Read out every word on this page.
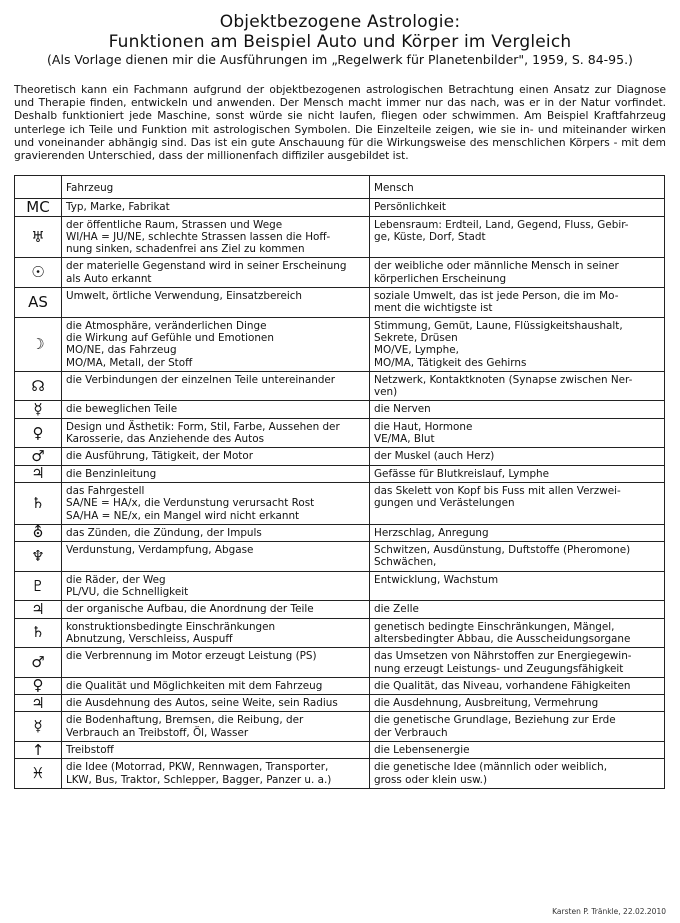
Objektbezogene Astrologie:
Funktionen am Beispiel Auto und Körper im Vergleich
(Als Vorlage dienen mir die Ausführungen im „Regelwerk für Planetenbilder", 1959, S. 84-95.)
Theoretisch kann ein Fachmann aufgrund der objektbezogenen astrologischen Betrachtung einen Ansatz zur Diagnose und Therapie finden, entwickeln und anwenden. Der Mensch macht immer nur das nach, was er in der Natur vorfindet. Deshalb funktioniert jede Maschine, sonst würde sie nicht laufen, fliegen oder schwimmen. Am Beispiel Kraftfahrzeug unterlege ich Teile und Funktion mit astrologischen Symbolen. Die Einzelteile zeigen, wie sie in- und miteinander wirken und voneinander abhängig sind. Das ist ein gute Anschauung für die Wirkungsweise des menschlichen Körpers - mit dem gravierenden Unterschied, dass der millionenfach diffiziler ausgebildet ist.
	Fahrzeug	Mensch
MC	Typ, Marke, Fabrikat	Persönlichkeit

♅	der öffentliche Raum, Strassen und Wege
WI/HA = JU/NE, schlechte Strassen lassen die Hoff-
nung sinken, schadenfrei ans Ziel zu kommen	Lebensraum: Erdteil, Land, Gegend, Fluss, Gebir-
ge, Küste, Dorf, Stadt

☉	der materielle Gegenstand wird in seiner Erscheinung
als Auto erkannt	der weibliche oder männliche Mensch in seiner
körperlichen Erscheinung

AS	Umwelt, örtliche Verwendung, Einsatzbereich	soziale Umwelt, das ist jede Person, die im Mo-
ment die wichtigste ist

☽	die Atmosphäre, veränderlichen Dinge
die Wirkung auf Gefühle und Emotionen
MO/NE, das Fahrzeug
MO/MA, Metall, der Stoff	Stimmung, Gemüt, Laune, Flüssigkeitshaushalt,
Sekrete, Drüsen
MO/VE, Lymphe,
MO/MA, Tätigkeit des Gehirns

☊	die Verbindungen der einzelnen Teile untereinander	Netzwerk, Kontaktknoten (Synapse zwischen Ner-
ven)

☿	die beweglichen Teile	die Nerven

♀	Design und Ästhetik: Form, Stil, Farbe, Aussehen der
Karosserie, das Anziehende des Autos	die Haut, Hormone
VE/MA, Blut

♂	die Ausführung, Tätigkeit, der Motor	der Muskel (auch Herz)

♃	die Benzinleitung	Gefässe für Blutkreislauf, Lymphe

♄	das Fahrgestell
SA/NE = HA/x, die Verdunstung verursacht Rost
SA/HA = NE/x, ein Mangel wird nicht erkannt	das Skelett von Kopf bis Fuss mit allen Verzwei-
gungen und Verästelungen

⛢	das Zünden, die Zündung, der Impuls	Herzschlag, Anregung

♆	Verdunstung, Verdampfung, Abgase	Schwitzen, Ausdünstung, Duftstoffe (Pheromone)
Schwächen,

♇	die Räder, der Weg
PL/VU, die Schnelligkeit	Entwicklung, Wachstum

♃	der organische Aufbau, die Anordnung der Teile	die Zelle

♄	konstruktionsbedingte Einschränkungen
Abnutzung, Verschleiss, Auspuff	genetisch bedingte Einschränkungen, Mängel,
altersbedingter Abbau, die Ausscheidungsorgane

♂	die Verbrennung im Motor erzeugt Leistung (PS)	das Umsetzen von Nährstoffen zur Energiegewin-
nung erzeugt Leistungs- und Zeugungsfähigkeit

♀	die Qualität und Möglichkeiten mit dem Fahrzeug	die Qualität, das Niveau, vorhandene Fähigkeiten

♃	die Ausdehnung des Autos, seine Weite, sein Radius	die Ausdehnung, Ausbreitung, Vermehrung

☿	die Bodenhaftung, Bremsen, die Reibung, der
Verbrauch an Treibstoff, Öl, Wasser	die genetische Grundlage, Beziehung zur Erde
der Verbrauch

↑	Treibstoff	die Lebensenergie

♓	die Idee (Motorrad, PKW, Rennwagen, Transporter,
LKW, Bus, Traktor, Schlepper, Bagger, Panzer u. a.)	die genetische Idee (männlich oder weiblich,
gross oder klein usw.)
Karsten P. Tränkle, 22.02.2010
